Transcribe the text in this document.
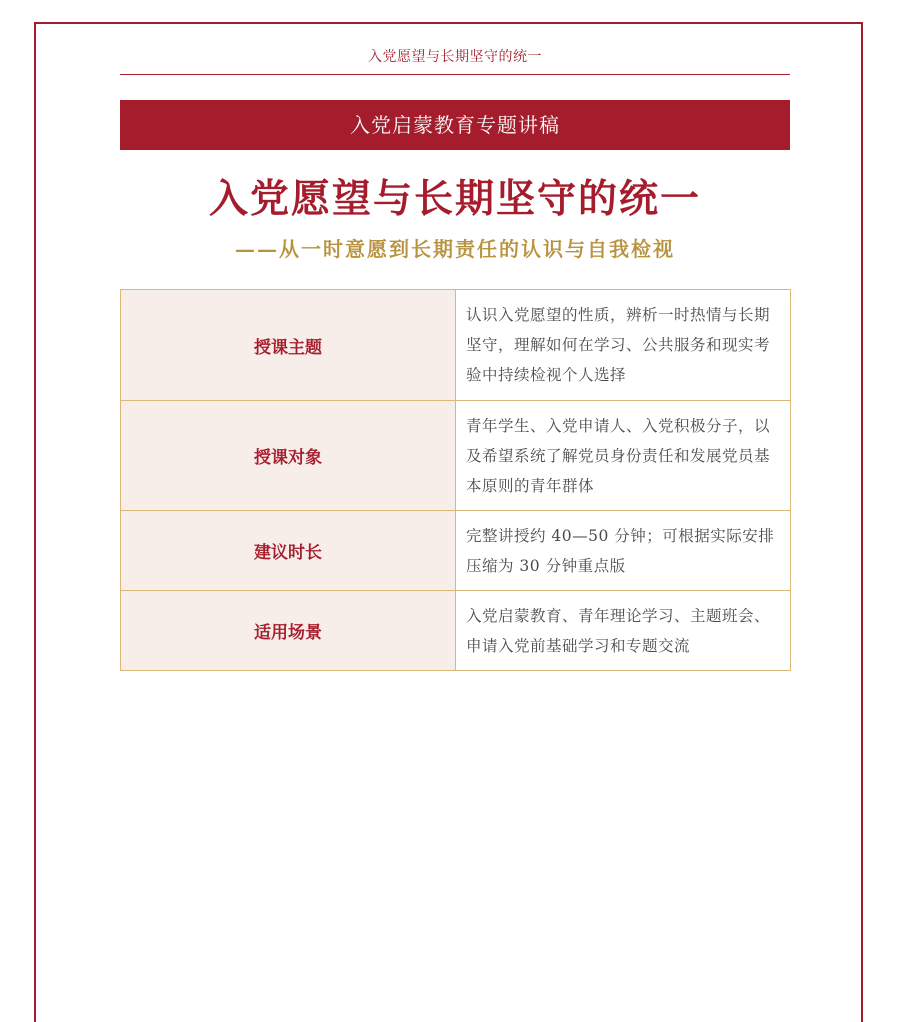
入党愿望与长期坚守的统一
入党启蒙教育专题讲稿
入党愿望与长期坚守的统一
——从一时意愿到长期责任的认识与自我检视
授课主题	认识入党愿望的性质，辨析一时热情与长期坚守，理解如何在学习、公共服务和现实考验中持续检视个人选择
授课对象	青年学生、入党申请人、入党积极分子，以及希望系统了解党员身份责任和发展党员基本原则的青年群体
建议时长	完整讲授约 40—50 分钟；可根据实际安排压缩为 30 分钟重点版
适用场景	入党启蒙教育、青年理论学习、主题班会、申请入党前基础学习和专题交流
